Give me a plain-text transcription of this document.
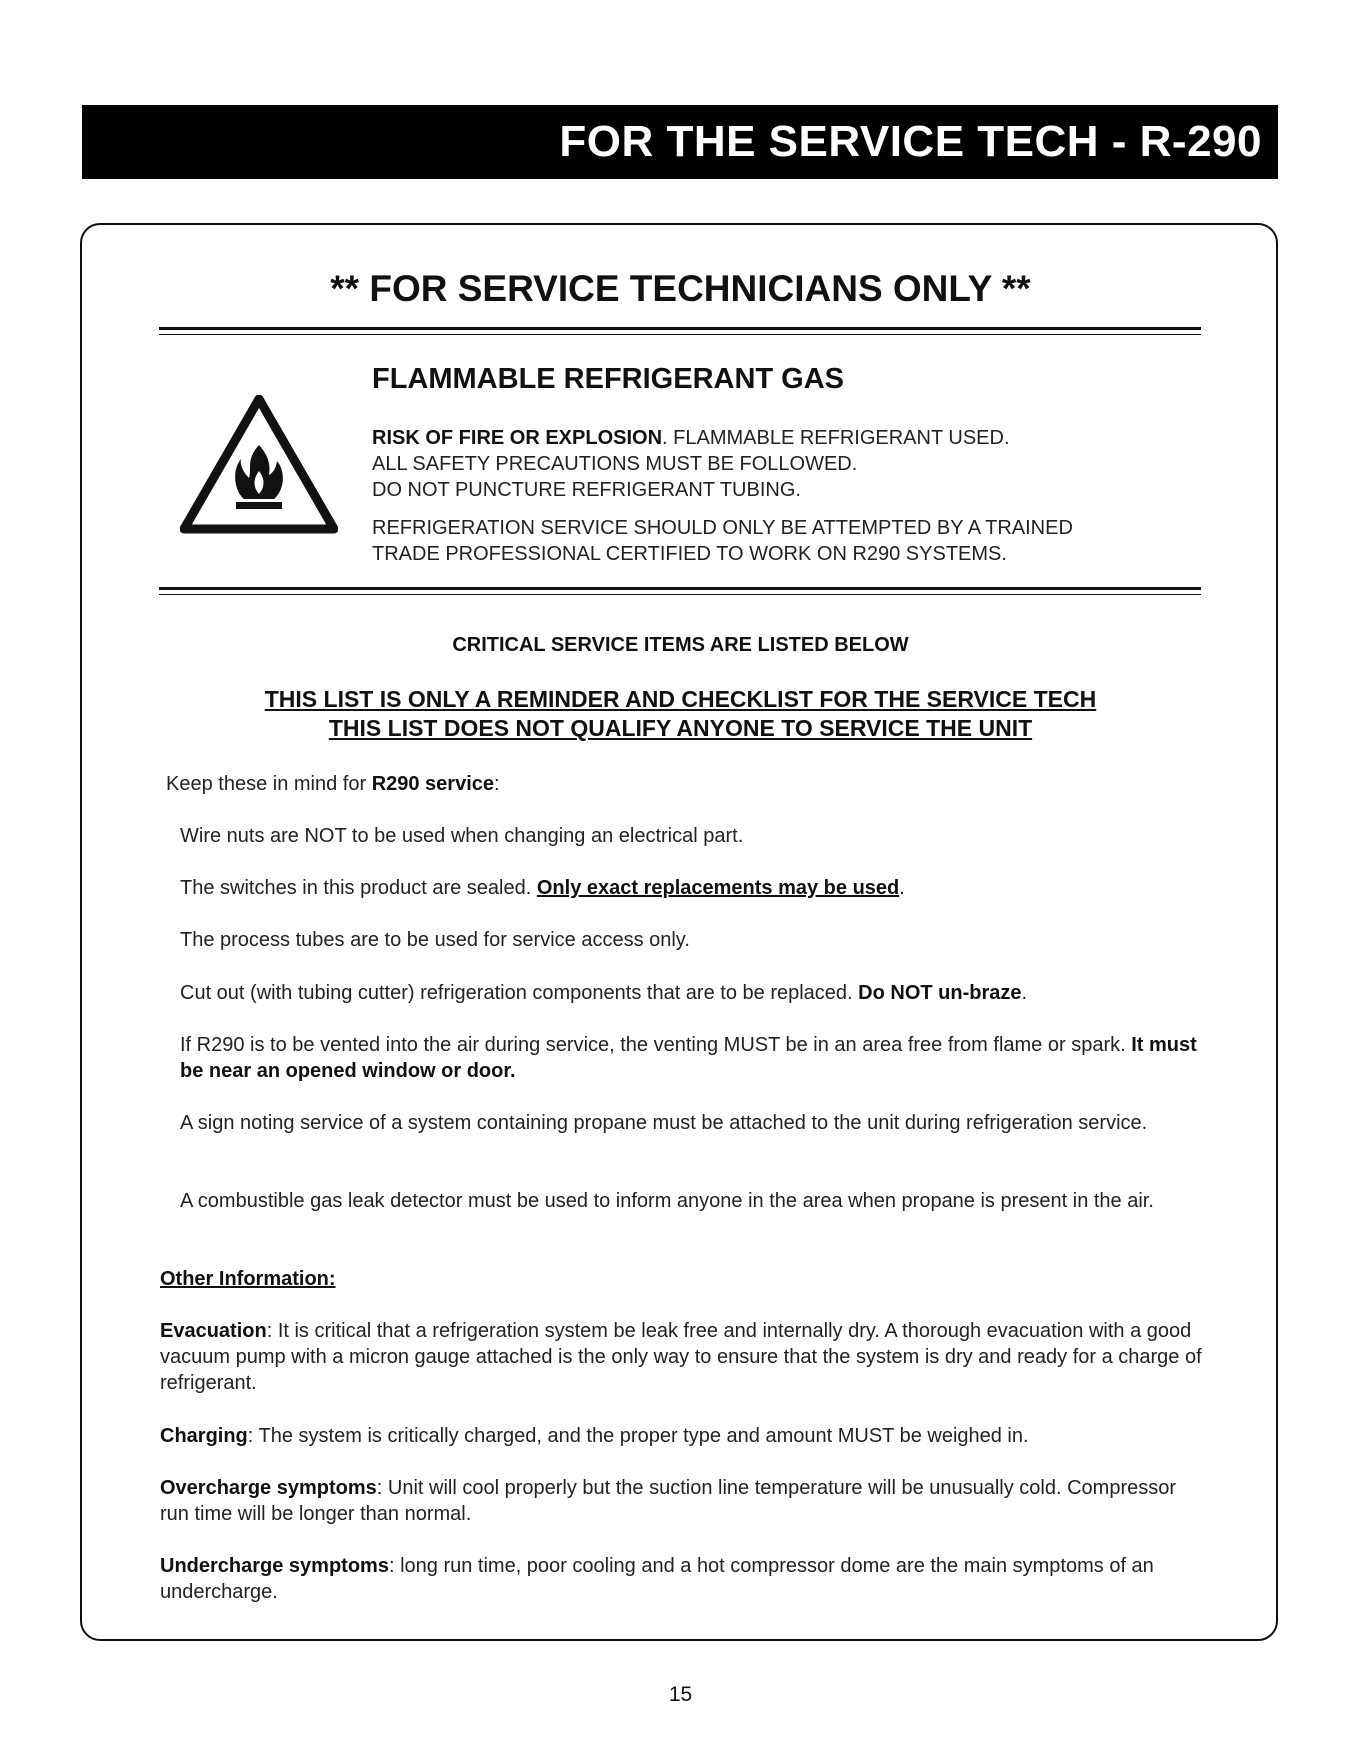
FOR THE SERVICE TECH - R-290
** FOR SERVICE TECHNICIANS ONLY **
FLAMMABLE REFRIGERANT GAS
RISK OF FIRE OR EXPLOSION. FLAMMABLE REFRIGERANT USED.
ALL SAFETY PRECAUTIONS MUST BE FOLLOWED.
DO NOT PUNCTURE REFRIGERANT TUBING.
REFRIGERATION SERVICE SHOULD ONLY BE ATTEMPTED BY A TRAINED
TRADE PROFESSIONAL CERTIFIED TO WORK ON R290 SYSTEMS.
CRITICAL SERVICE ITEMS ARE LISTED BELOW
THIS LIST IS ONLY A REMINDER AND CHECKLIST FOR THE SERVICE TECH
THIS LIST DOES NOT QUALIFY ANYONE TO SERVICE THE UNIT
Keep these in mind for R290 service:
Wire nuts are NOT to be used when changing an electrical part.
The switches in this product are sealed. Only exact replacements may be used.
The process tubes are to be used for service access only.
Cut out (with tubing cutter) refrigeration components that are to be replaced. Do NOT un-braze.
If R290 is to be vented into the air during service, the venting MUST be in an area free from flame or spark. It must be near an opened window or door.
A sign noting service of a system containing propane must be attached to the unit during refrigeration service.
A combustible gas leak detector must be used to inform anyone in the area when propane is present in the air.
Other Information:
Evacuation: It is critical that a refrigeration system be leak free and internally dry. A thorough evacuation with a good vacuum pump with a micron gauge attached is the only way to ensure that the system is dry and ready for a charge of refrigerant.
Charging: The system is critically charged, and the proper type and amount MUST be weighed in.
Overcharge symptoms: Unit will cool properly but the suction line temperature will be unusually cold. Compressor run time will be longer than normal.
Undercharge symptoms: long run time, poor cooling and a hot compressor dome are the main symptoms of an undercharge.
15
